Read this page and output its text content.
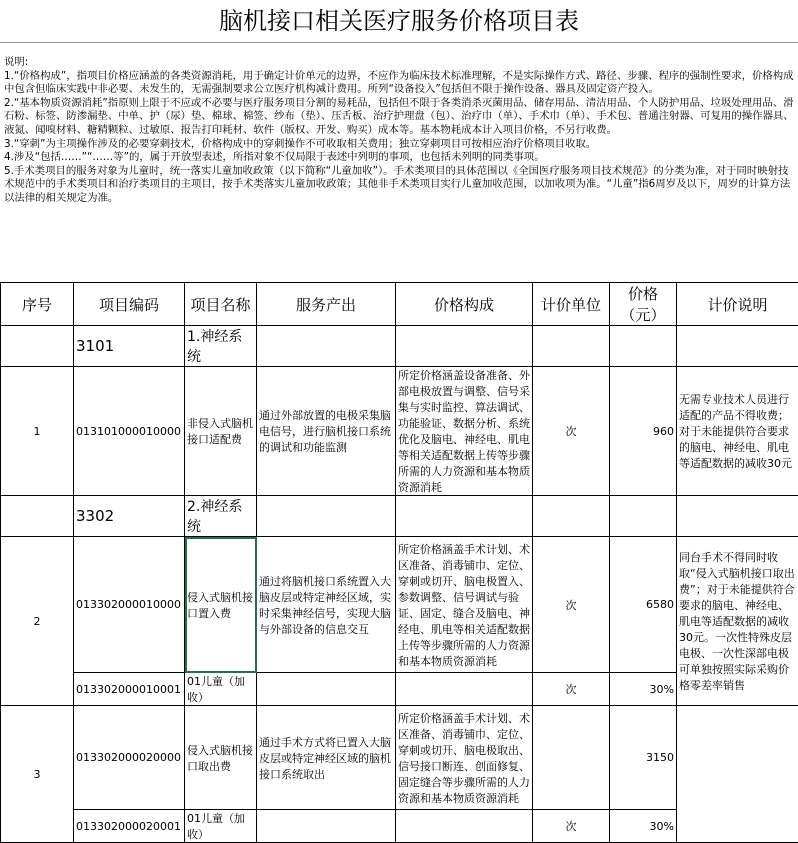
脑机接口相关医疗服务价格项目表

说明:

1.“价格构成”，指项目价格应涵盖的各类资源消耗，用于确定计价单元的边界，不应作为临床技术标准理解，不是实际操作方式、路径、步骤、程序的强制性要求，价格构成中包含但临床实践中非必要、未发生的，无需强制要求公立医疗机构减计费用。所列“设备投入”包括但不限于操作设备、器具及固定资产投入。

2.“基本物质资源消耗”指原则上限于不应或不必要与医疗服务项目分割的易耗品，包括但不限于各类消杀灭菌用品、储存用品、清洁用品、个人防护用品、垃圾处理用品、滑石粉、标签、防渗漏垫、中单、护（尿）垫、棉球、棉签、纱布（垫）、压舌板、治疗护理盘（包）、治疗巾（单）、手术巾（单）、手术包、普通注射器、可复用的操作器具、液氮、闻嗅材料、糖精颗粒、过敏原、报告打印耗材、软件（版权、开发、购买）成本等。基本物耗成本计入项目价格，不另行收费。

3.“穿刺”为主项操作涉及的必要穿刺技术，价格构成中的穿刺操作不可收取相关费用；独立穿刺项目可按相应治疗价格项目收取。

4.涉及“包括……”“……等”的，属于开放型表述，所指对象不仅局限于表述中列明的事项，也包括未列明的同类事项。

5.手术类项目的服务对象为儿童时，统一落实儿童加收政策（以下简称“儿童加收”）。手术类项目的具体范围以《全国医疗服务项目技术规范》的分类为准，对于同时映射技术规范中的手术类项目和治疗类项目的主项目，按手术类落实儿童加收政策；其他非手术类项目实行儿童加收范围，以加收项为准。“儿童”指6周岁及以下，周岁的计算方法以法律的相关规定为准。

序号	项目编码	项目名称	服务产出	价格构成	计价单位	价格（元）	计价说明
	3101	1.神经系统					
1	013101000010000	非侵入式脑机接口适配费	通过外部放置的电极采集脑电信号，进行脑机接口系统的调试和功能监测	所定价格涵盖设备准备、外部电极放置与调整、信号采集与实时监控、算法调试、功能验证、数据分析、系统优化及脑电、神经电、肌电等相关适配数据上传等步骤所需的人力资源和基本物质资源消耗	次	960	无需专业技术人员进行适配的产品不得收费；对于未能提供符合要求的脑电、神经电、肌电等适配数据的减收30元
	3302	2.神经系统					
2	013302000010000	侵入式脑机接口置入费	通过将脑机接口系统置入大脑皮层或特定神经区域，实时采集神经信号，实现大脑与外部设备的信息交互	所定价格涵盖手术计划、术区准备、消毒铺巾、定位、穿刺或切开、脑电极置入、参数调整、信号调试与验证、固定、缝合及脑电、神经电、肌电等相关适配数据上传等步骤所需的人力资源和基本物质资源消耗	次	6580	同台手术不得同时收取“侵入式脑机接口取出费”；对于未能提供符合要求的脑电、神经电、肌电等适配数据的减收30元。一次性特殊皮层电极、一次性深部电极可单独按照实际采购价格零差率销售
	013302000010001	01儿童（加收）			次	30%	
3	013302000020000	侵入式脑机接口取出费	通过手术方式将已置入大脑皮层或特定神经区域的脑机接口系统取出	所定价格涵盖手术计划、术区准备、消毒铺巾、定位、穿刺或切开、脑电极取出、信号接口断连、创面修复、固定缝合等步骤所需的人力资源和基本物质资源消耗		3150	
	013302000020001	01儿童（加收）			次	30%	
